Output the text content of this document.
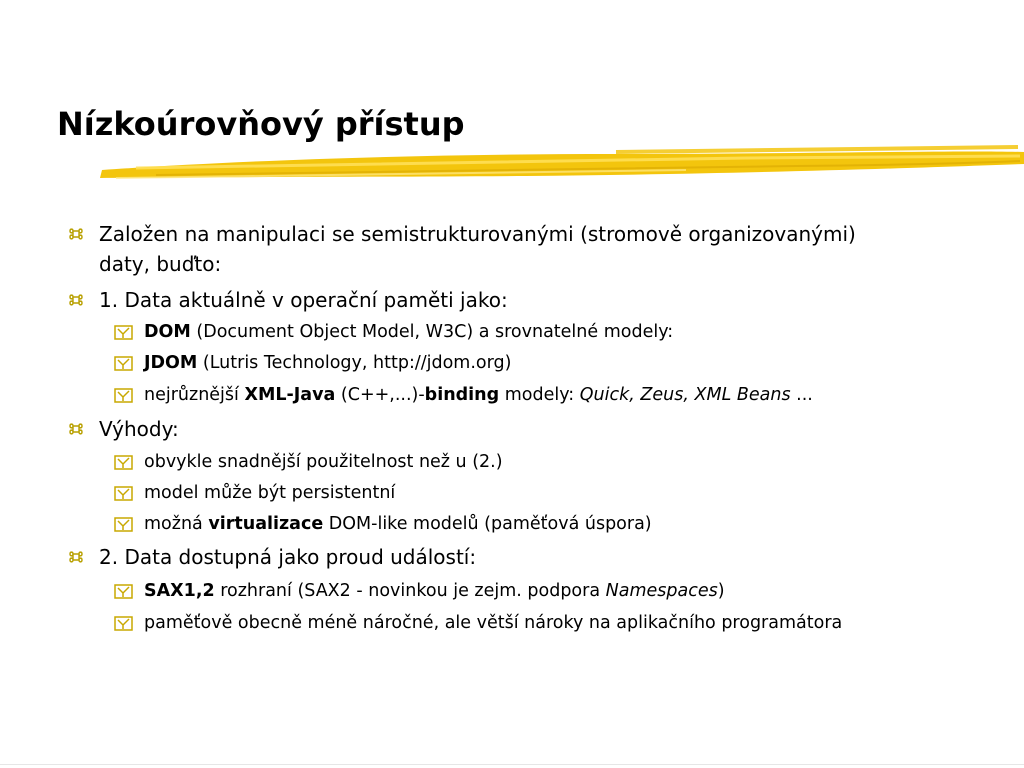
Nízkoúrovňový přístup
Založen na manipulaci se semistrukturovanými (stromově organizovanými)
daty, buďto:
1. Data aktuálně v operační paměti jako:
DOM (Document Object Model, W3C) a srovnatelné modely:
JDOM (Lutris Technology, http://jdom.org)
nejrůznější XML-Java (C++,...)-binding modely: Quick, Zeus, XML Beans ...
Výhody:
obvykle snadnější použitelnost než u (2.)
model může být persistentní
možná virtualizace DOM-like modelů (paměťová úspora)
2. Data dostupná jako proud událostí:
SAX1,2 rozhraní (SAX2 - novinkou je zejm. podpora Namespaces)
paměťově obecně méně náročné, ale větší nároky na aplikačního programátora
